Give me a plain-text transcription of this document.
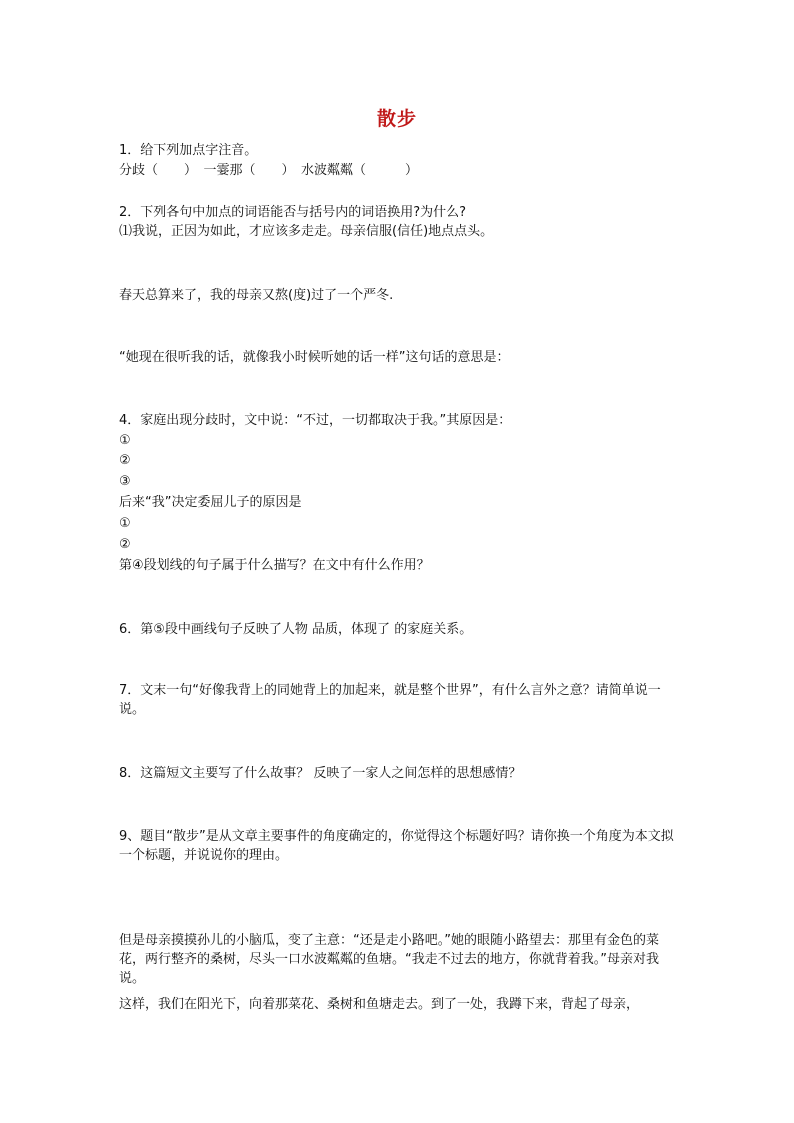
散步
1．给下列加点字注音。
分歧（　　）　一霎那（　　）　水波粼粼（　　　）
2．下列各句中加点的词语能否与括号内的词语换用?为什么?
⑴我说，正因为如此，才应该多走走。母亲信服(信任)地点点头。
春天总算来了，我的母亲又熬(度)过了一个严冬.
“她现在很听我的话，就像我小时候听她的话一样”这句话的意思是：
4．家庭出现分歧时，文中说：“不过，一切都取决于我。”其原因是：
①
②
③
后来“我”决定委屈儿子的原因是
①
②
第④段划线的句子属于什么描写？在文中有什么作用？
6．第⑤段中画线句子反映了人物 品质，体现了 的家庭关系。
7．文末一句“好像我背上的同她背上的加起来，就是整个世界”，有什么言外之意？请简单说一说。
8．这篇短文主要写了什么故事？ 反映了一家人之间怎样的思想感情？
9、题目“散步”是从文章主要事件的角度确定的，你觉得这个标题好吗？请你换一个角度为本文拟一个标题，并说说你的理由。
但是母亲摸摸孙儿的小脑瓜，变了主意：“还是走小路吧。”她的眼随小路望去：那里有金色的菜花，两行整齐的桑树，尽头一口水波粼粼的鱼塘。“我走不过去的地方，你就背着我。”母亲对我说。
这样，我们在阳光下，向着那菜花、桑树和鱼塘走去。到了一处，我蹲下来，背起了母亲，
